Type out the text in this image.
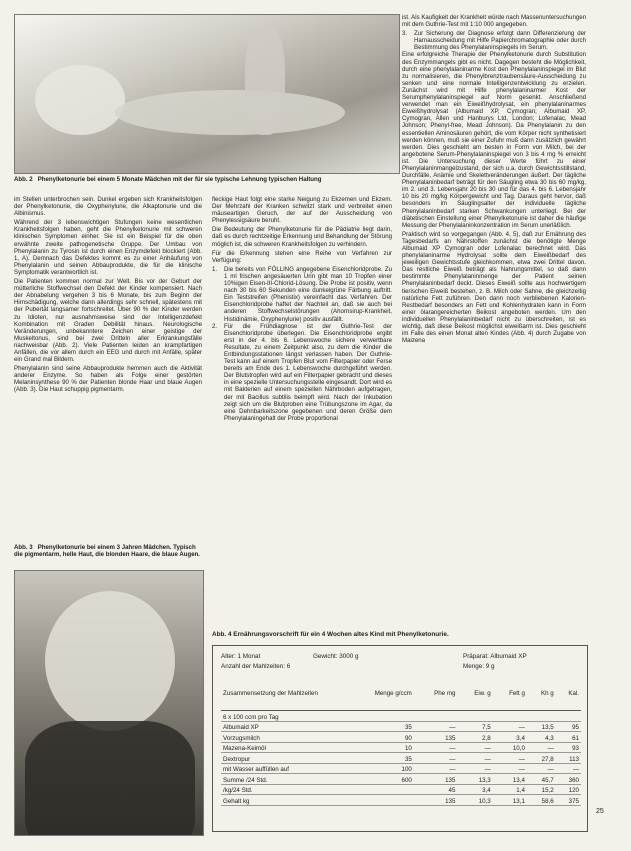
Abb. 2 Phenylketonurie bei einem 5 Monate Mädchen mit der für sie typische Lehnung typischen Haltung

im Stellen unterbrochen sein. Dunkel ergeben sich Krankheitsfolgen der Phenylketonurie, die Oxyphenylurie, die Alkaptonurie und die Albinismus.

Während der 3 lebenswichtigen Stufungen keine wesentlichen Krankheitsfolgen haben, geht die Phenylketonurie mit schweren klinischen Symptomen einher. Sie ist ein Beispiel für die oben erwähnte zweite pathogenetische Gruppe. Der Umbau von Phenylalanin zu Tyrosin ist durch einen Enzymdefekt blockiert (Abb. 1, A). Demnach das Defektes kommt es zu einer Anhäufung von Phenylalanin und seinen Abbauprodukte, die für die klinische Symptomatik verantwortlich ist.

Die Patienten kommen normal zur Welt. Bis vor der Geburt der mütterliche Stoffwechsel den Defekt der Kinder kompensiert. Nach der Abnabelung vergehen 3 bis 6 Monate, bis zum Beginn der Hirnschädigung, welche dann allerdings sehr schnell, spätestens mit der Pubertät langsamer fortschreitet. Über 90 % der Kinder werden zu Idioten, nur ausnahmsweise sind der Intelligenzdefekt Kombination mit Graden Debilität hinaus. Neurologische Veränderungen, unbekanntere Zeichen einer geistige der Muskeltonus, sind bei zwei Dritteln aller Erkrankungsfälle nachweisbar (Abb. 2). Viele Patienten leiden an krampfartigen Anfällen, die vor allem durch ein EEG und durch mit Anfälle, später ein Grand mal Bildern.

Phenylalanin sind seine Abbauprodukte hemmen auch die Aktivität anderer Enzyme. So haben als Folge einer gestörten Melaninsynthese 90 % der Patienten blonde Haar und blaue Augen (Abb. 3). Die Haut schuppig pigmentarm.

Abb. 3 Phenylketonurie bei einem 3 Jahren Mädchen. Typisch die pigmentarm, helle Haut, die blonden Haare, die blaue Augen.

fleckige Haut folgt eine starke Neigung zu Ekzemen und Ekzem. Der Mehrzahl der Kranken schwitzt stark und verbreitet einen mäuseartigen Geruch, der auf der Ausscheidung von Phenylessigsäure beruht.

Die Bedeutung der Phenylketonurie für die Pädiatrie liegt darin, daß es durch rechtzeitige Erkennung und Behandlung der Störung möglich ist, die schweren Krankheitsfolgen zu verhindern.

Für die Erkennung stehen eine Reihe von Verfahren zur Verfügung:

1.	Die bereits von FÖLLING angegebene Eisenchloridprobe. Zu 1 ml frischen angesäuerten Urin gibt man 10 Tropfen einer 10%igen Eisen-III-Chlorid-Lösung. Die Probe ist positiv, wenn nach 30 bis 60 Sekunden eine dunkelgrüne Färbung auftritt. Ein Teststreifen (Phenistix) vereinfacht das Verfahren. Der Eisenchloridprobe haftet der Nachteil an, daß sie auch bei anderen Stoffwechselstörungen (Ahornsirup-Krankheit, Histidinämie, Oxyphenylurie) positiv ausfällt.
2.	Für die Frühdiagnose ist der Guthrie-Test der Eisenchloridprobe überlegen. Die Eisenchloridprobe ergibt erst in der 4. bis 6. Lebenswoche sichere verwertbare Resultate, zu einem Zeitpunkt also, zu dem die Kinder die Entbindungsstationen längst verlassen haben. Der Guthrie-Test kann auf einem Tropfen Blut vom Filterpapier oder Ferse bereits am Ende des 1. Lebenswoche durchgeführt werden. Der Blutstropfen wird auf ein Filterpapier gebracht und dieses in eine spezielle Untersuchungsstelle eingesandt. Dort wird es mit Bakterien auf einem speziellen Nährboden aufgetragen, der mit Bacillus subtilis beimpft wird. Nach der Inkubation zeigt sich um die Blutproben eine Trübungszone im Agar, da eine Dehnbarkeitszone gegebenen und deren Größe dem Phenylalaningehalt der Probe proportional

ist. Als Kaufigkeit der Krankheit würde nach Massenuntersuchungen mit dem Guthrie-Test mit 1:10 000 angegeben.

3.	Zur Sicherung der Diagnose erfolgt dann Differenzierung der Harnausscheidung mit Hilfe Papierchromatographie oder durch Bestimmung des Phenylalaninspiegels im Serum.

Eine erfolgreiche Therapie der Phenylketonurie durch Substitution des Enzymmangels gibt es nicht. Dagegen besteht die Möglichkeit, durch eine phenylalaninarme Kost den Phenylalaninspiegel im Blut zu normalisieren, die Phenylbrenztraubensäure-Ausscheidung zu senken und eine normale Intelligenzentwicklung zu erzielen. Zunächst wird mit Hilfe phenylalaninarmer Kost der Serumphenylalaninspiegel auf Norm gesenkt. Anschließend verwendet man ein Eiweißhydrolysat, ein phenylalaninarmes Eiweißhydrolysat (Albumaid XP, Cymogran; Albumaid XP, Cymogran, Allen und Hanburys Ltd, London; Lofenalac, Mead Johnson; Phenyl-free, Mead Johnson). Da Phenylalanin zu den essentiellen Aminosäuren gehört, die vom Körper nicht synthetisiert werden können, muß sie einer Zufuhr muß dann zusätzlich gewährt werden. Dies geschieht am besten in Form von Milch, bei der angebotene Serum-Phenylalaninspiegel von 3 bis 4 mg % erreicht ist. Die Untersuchung dieser Werte führt zu einer Phenylalaninmangelzustand, der sich u.a. durch Gewichtsstillstand, Durchfälle, Anämie und Skelettveränderungen äußert. Der tägliche Phenylalaninbedarf beträgt für den Säugling etwa 30 bis 60 mg/kg, im 2. und 3. Lebensjahr 20 bis 30 und für das 4. bis 6. Lebensjahr 10 bis 20 mg/kg Körpergewicht und Tag. Daraus geht hervor, daß besonders im Säuglingsalter der individuelle tägliche Phenylalaninbedarf starken Schwankungen unterliegt. Bei der diätetischen Einstellung einer Phenylketonurie ist daher die häufige Messung der Phenylalaninkonzentration im Serum unerläßlich.

Praktisch wird so vorgegangen (Abb. 4, 5), daß zur Ernährung des Tagesbedarfs an Nährstoffen zunächst die benötigte Menge Albumaid XP Cymogran oder Lofenalac berechnet wird. Das phenylalaninarme Hydrolysat sollte dem Eiweißbedarf des jeweiligen Gewichtsstufe gleichkommen, etwa zwei Drittel davon. Das restliche Eiweiß beträgt als Nahrungsmittel, so daß dann bestimmte Phenylalaninmenge der Patient seinen Phenylalaninbedarf deckt. Dieses Eiweiß sollte aus hochwertigem tierischen Eiweiß bestehen, z. B. Milch oder Sahne, die gleichzeitig natürliche Fett zuführen. Den dann noch verbliebenen Kalorien-Restbedarf besonders an Fett und Kohlenhydraten kann in Form einer ölarangereicherten Beikost angeboten werden. Um den individuellen Phenylalaninbedarf nicht zu überschreiten, ist es wichtig, daß diese Beikost möglichst eiweißarm ist. Dies geschieht im Falle des einen Monat alten Kindes (Abb. 4) durch Zugabe von Maizena

Abb. 4 Ernährungsvorschrift für ein 4 Wochen altes Kind mit Phenylketonurie.
Alter: 1 Monat	Gewicht: 3000 g
Anzahl der Mahlzeiten: 6
Präparat: Albumaid XP
Menge: 9 g
Zusammensetzung der Mahlzeiten	Menge g/ccm	Phe mg	Eiw. g	Fett g	Kh g	Kal.
6 x 100 ccm pro Tag						
Albumaid XP	35	—	7,5	—	13,5	95
Vorzugsmilch	90	135	2,8	3,4	4,3	61
Mazena-Keimöl	10	—	—	10,0	—	93
Dextropur	35	—	—	—	27,8	113
mit Wasser auffüllen auf	100	—	—	—	—	—
Summe /24 Std.	600	135	13,3	13,4	45,7	360
/kg/24 Std.		45	3,4	1,4	15,2	120
Gehalt kg		135	10,3	13,1	58,6	375
25
